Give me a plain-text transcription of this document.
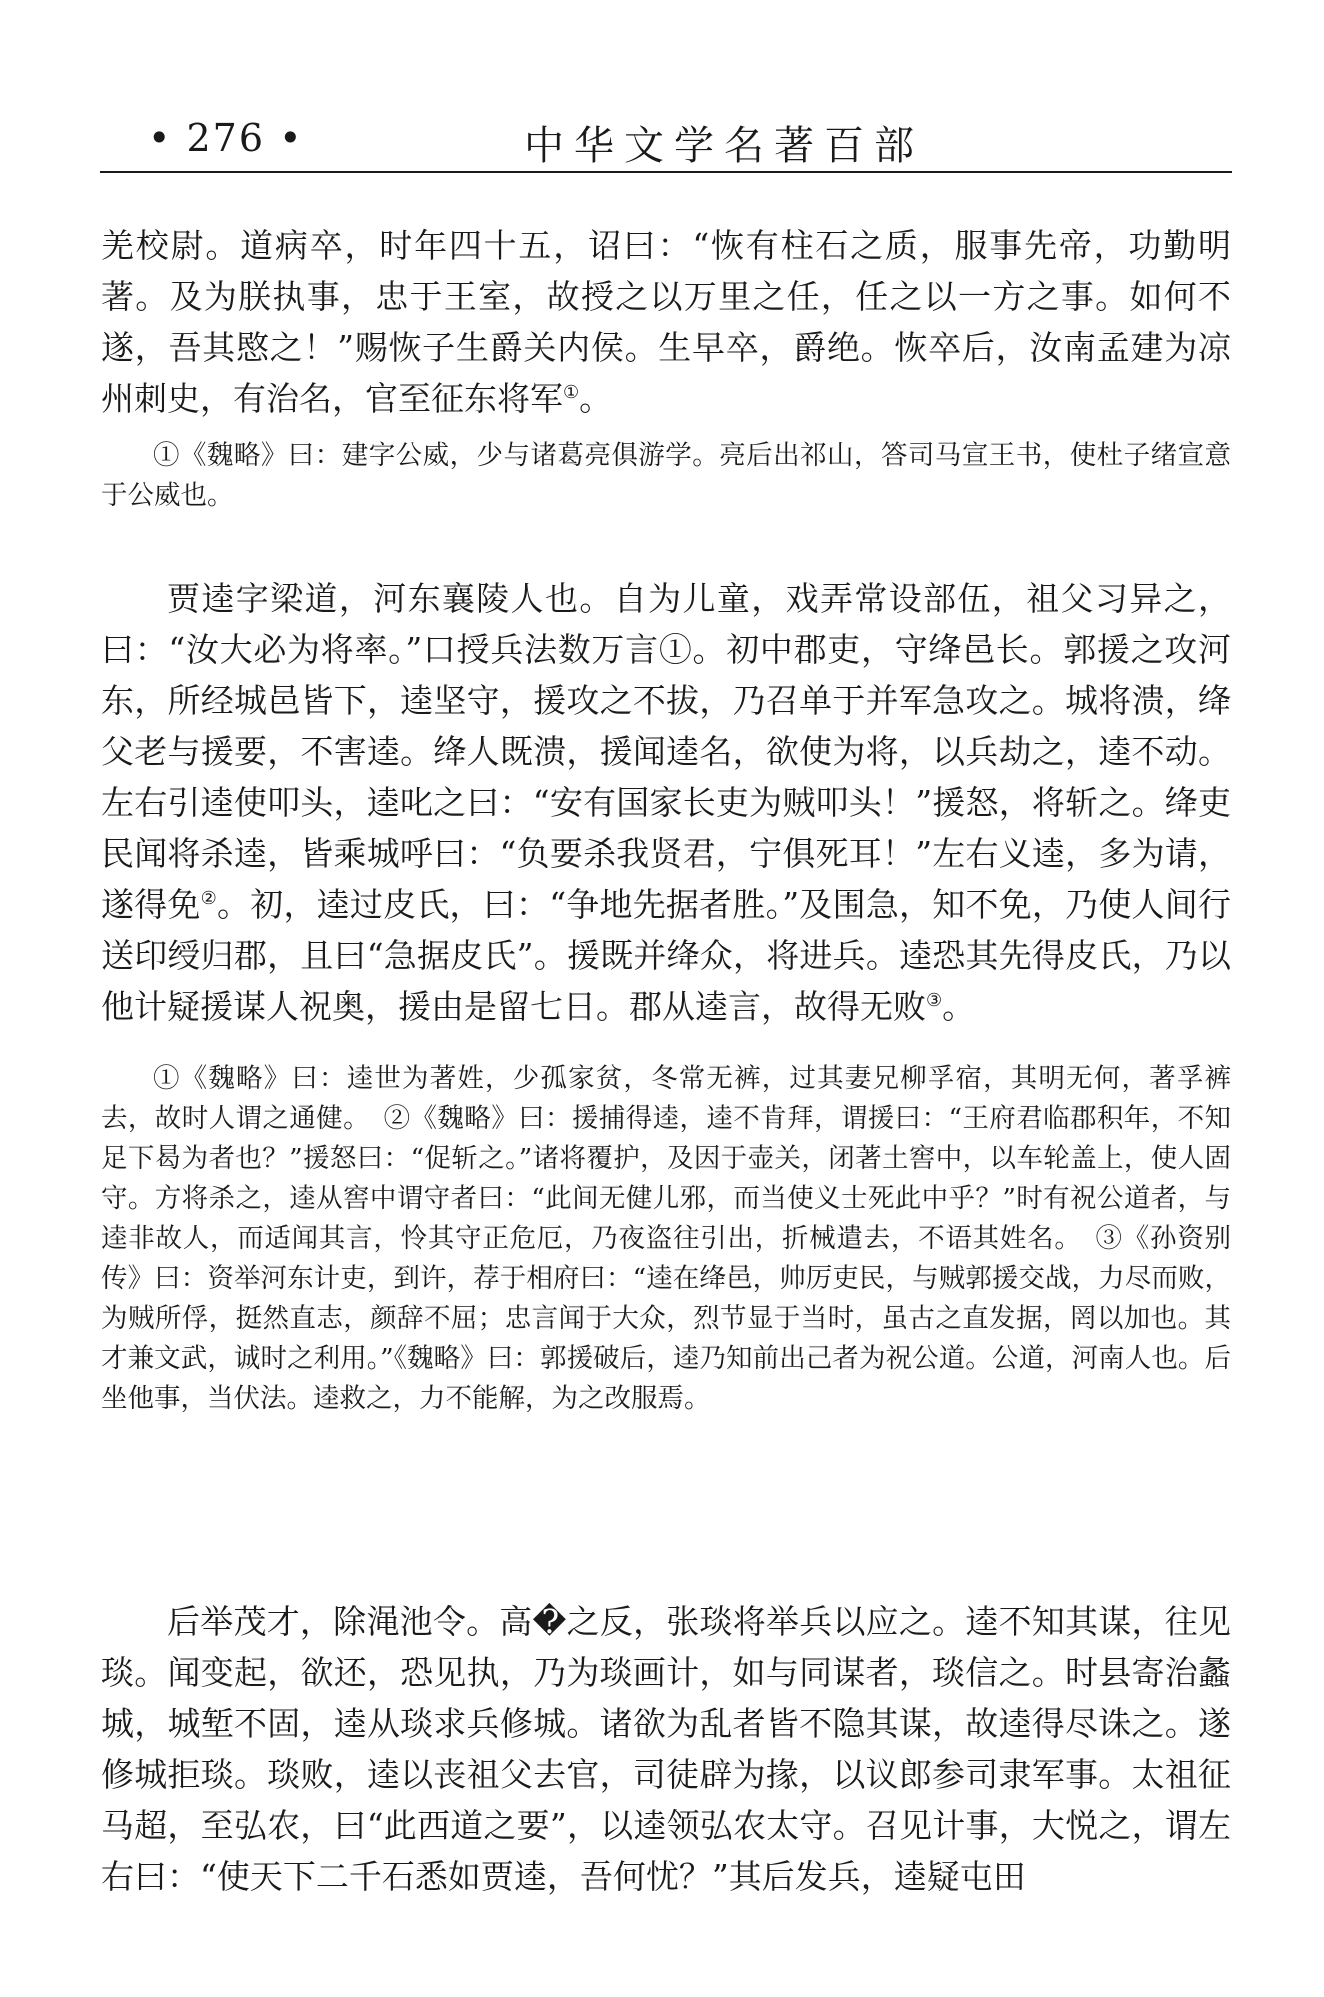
• 276 •	中华文学名著百部

羌校尉。道病卒，时年四十五，诏曰：“恢有柱石之质，服事先帝，功勤明著。及为朕执事，忠于王室，故授之以万里之任，任之以一方之事。如何不遂，吾其愍之！”赐恢子生爵关内侯。生早卒，爵绝。恢卒后，汝南孟建为凉州刺史，有治名，官至征东将军①。

①《魏略》曰：建字公威，少与诸葛亮俱游学。亮后出祁山，答司马宣王书，使杜子绪宣意于公威也。

贾逵字梁道，河东襄陵人也。自为儿童，戏弄常设部伍，祖父习异之，曰：“汝大必为将率。”口授兵法数万言①。初中郡吏，守绛邑长。郭援之攻河东，所经城邑皆下，逵坚守，援攻之不拔，乃召单于并军急攻之。城将溃，绛父老与援要，不害逵。绛人既溃，援闻逵名，欲使为将，以兵劫之，逵不动。左右引逵使叩头，逵叱之曰：“安有国家长吏为贼叩头！”援怒，将斩之。绛吏民闻将杀逵，皆乘城呼曰：“负要杀我贤君，宁俱死耳！”左右义逵，多为请，遂得免②。初，逵过皮氏，曰：“争地先据者胜。”及围急，知不免，乃使人间行送印绶归郡，且曰“急据皮氏”。援既并绛众，将进兵。逵恐其先得皮氏，乃以他计疑援谋人祝奥，援由是留七日。郡从逵言，故得无败③。

①《魏略》曰：逵世为著姓，少孤家贫，冬常无裤，过其妻兄柳孚宿，其明无何，著孚裤去，故时人谓之通健。　②《魏略》曰：援捕得逵，逵不肯拜，谓援曰：“王府君临郡积年，不知足下曷为者也？”援怒曰：“促斩之。”诸将覆护，及因于壶关，闭著土窖中，以车轮盖上，使人固守。方将杀之，逵从窖中谓守者曰：“此间无健儿邪，而当使义士死此中乎？”时有祝公道者，与逵非故人，而适闻其言，怜其守正危厄，乃夜盗往引出，折械遣去，不语其姓名。　③《孙资别传》曰：资举河东计吏，到许，荐于相府曰：“逵在绛邑，帅厉吏民，与贼郭援交战，力尽而败，为贼所俘，挺然直志，颜辞不屈；忠言闻于大众，烈节显于当时，虽古之直发据，罔以加也。其才兼文武，诚时之利用。”《魏略》曰：郭援破后，逵乃知前出己者为祝公道。公道，河南人也。后坐他事，当伏法。逵救之，力不能解，为之改服焉。

后举茂才，除渑池令。高�之反，张琰将举兵以应之。逵不知其谋，往见琰。闻变起，欲还，恐见执，乃为琰画计，如与同谋者，琰信之。时县寄治蠡城，城堑不固，逵从琰求兵修城。诸欲为乱者皆不隐其谋，故逵得尽诛之。遂修城拒琰。琰败，逵以丧祖父去官，司徒辟为掾，以议郎参司隶军事。太祖征马超，至弘农，曰“此西道之要”，以逵领弘农太守。召见计事，大悦之，谓左右曰：“使天下二千石悉如贾逵，吾何忧？”其后发兵，逵疑屯田
